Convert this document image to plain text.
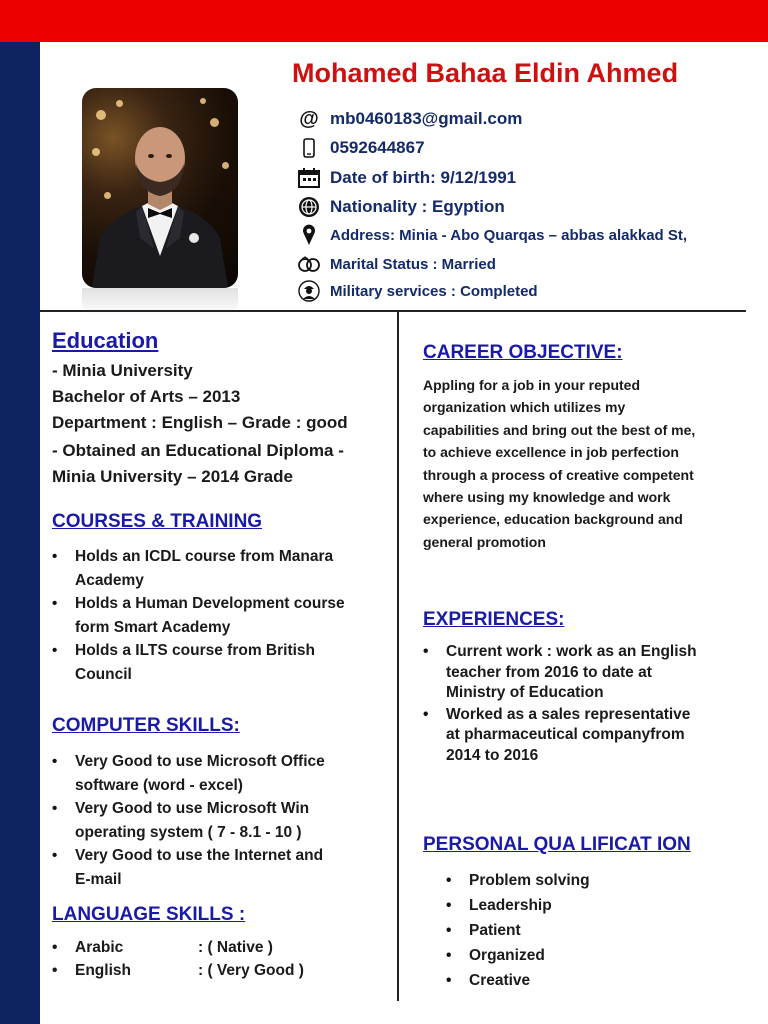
Mohamed Bahaa Eldin Ahmed
@ mb0460183@gmail.com
0592644867
Date of birth: 9/12/1991
Nationality : Egyption
Address: Minia - Abo Quarqas – abbas alakkad St,
Marital Status : Married
Military services : Completed
Education
- Minia University
Bachelor of Arts – 2013
Department : English – Grade : good
- Obtained an Educational Diploma -
Minia University – 2014 Grade
COURSES & TRAINING
• Holds an ICDL course from Manara
Academy
• Holds a Human Development course
form Smart Academy
• Holds a ILTS course from British
Council
COMPUTER SKILLS:
• Very Good to use Microsoft Office
software (word - excel)
• Very Good to use Microsoft Win
operating system ( 7 - 8.1 - 10 )
• Very Good to use the Internet and
E-mail
LANGUAGE SKILLS :
•	Arabic	: ( Native )
•	English	: ( Very Good )
CAREER OBJECTIVE:
Appling for a job in your reputed
organization which utilizes my
capabilities and bring out the best of me,
to achieve excellence in job perfection
through a process of creative competent
where using my knowledge and work
experience, education background and
general promotion
EXPERIENCES:
• Current work : work as an English
teacher from 2016 to date at
Ministry of Education
• Worked as a sales representative
at pharmaceutical companyfrom
2014 to 2016
PERSONAL QUA LIFICAT ION
• Problem solving
• Leadership
• Patient
• Organized
• Creative
